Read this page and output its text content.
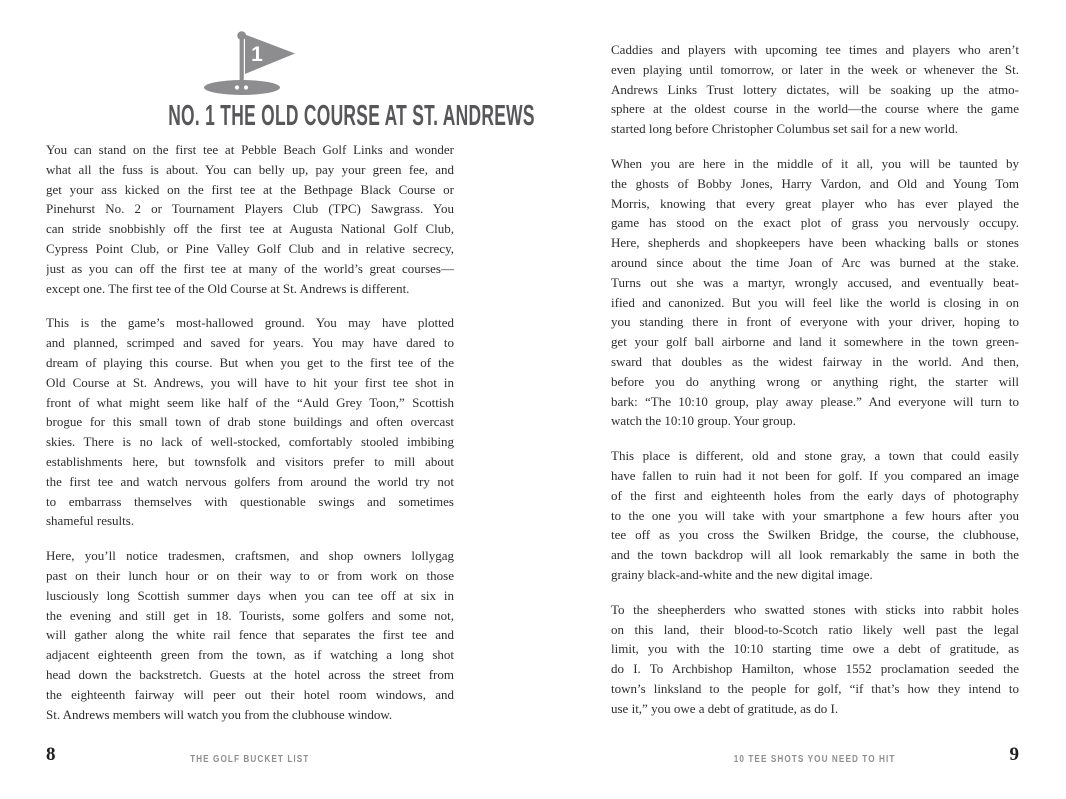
1
NO. 1 THE OLD COURSE AT ST. ANDREWS
You can stand on the first tee at Pebble Beach Golf Links and wonder
what all the fuss is about. You can belly up, pay your green fee, and
get your ass kicked on the first tee at the Bethpage Black Course or
Pinehurst No. 2 or Tournament Players Club (TPC) Sawgrass. You
can stride snobbishly off the first tee at Augusta National Golf Club,
Cypress Point Club, or Pine Valley Golf Club and in relative secrecy,
just as you can off the first tee at many of the world’s great courses—
except one. The first tee of the Old Course at St. Andrews is different.
This is the game’s most-hallowed ground. You may have plotted
and planned, scrimped and saved for years. You may have dared to
dream of playing this course. But when you get to the first tee of the
Old Course at St. Andrews, you will have to hit your first tee shot in
front of what might seem like half of the “Auld Grey Toon,” Scottish
brogue for this small town of drab stone buildings and often overcast
skies. There is no lack of well-stocked, comfortably stooled imbibing
establishments here, but townsfolk and visitors prefer to mill about
the first tee and watch nervous golfers from around the world try not
to embarrass themselves with questionable swings and sometimes
shameful results.
Here, you’ll notice tradesmen, craftsmen, and shop owners lollygag
past on their lunch hour or on their way to or from work on those
lusciously long Scottish summer days when you can tee off at six in
the evening and still get in 18. Tourists, some golfers and some not,
will gather along the white rail fence that separates the first tee and
adjacent eighteenth green from the town, as if watching a long shot
head down the backstretch. Guests at the hotel across the street from
the eighteenth fairway will peer out their hotel room windows, and
St. Andrews members will watch you from the clubhouse window.
Caddies and players with upcoming tee times and players who aren’t
even playing until tomorrow, or later in the week or whenever the St.
Andrews Links Trust lottery dictates, will be soaking up the atmo-
sphere at the oldest course in the world—the course where the game
started long before Christopher Columbus set sail for a new world.
When you are here in the middle of it all, you will be taunted by
the ghosts of Bobby Jones, Harry Vardon, and Old and Young Tom
Morris, knowing that every great player who has ever played the
game has stood on the exact plot of grass you nervously occupy.
Here, shepherds and shopkeepers have been whacking balls or stones
around since about the time Joan of Arc was burned at the stake.
Turns out she was a martyr, wrongly accused, and eventually beat-
ified and canonized. But you will feel like the world is closing in on
you standing there in front of everyone with your driver, hoping to
get your golf ball airborne and land it somewhere in the town green-
sward that doubles as the widest fairway in the world. And then,
before you do anything wrong or anything right, the starter will
bark: “The 10:10 group, play away please.” And everyone will turn to
watch the 10:10 group. Your group.
This place is different, old and stone gray, a town that could easily
have fallen to ruin had it not been for golf. If you compared an image
of the first and eighteenth holes from the early days of photography
to the one you will take with your smartphone a few hours after you
tee off as you cross the Swilken Bridge, the course, the clubhouse,
and the town backdrop will all look remarkably the same in both the
grainy black-and-white and the new digital image.
To the sheepherders who swatted stones with sticks into rabbit holes
on this land, their blood-to-Scotch ratio likely well past the legal
limit, you with the 10:10 starting time owe a debt of gratitude, as
do I. To Archbishop Hamilton, whose 1552 proclamation seeded the
town’s linksland to the people for golf, “if that’s how they intend to
use it,” you owe a debt of gratitude, as do I.
8	THE GOLF BUCKET LIST	10 TEE SHOTS YOU NEED TO HIT	9
